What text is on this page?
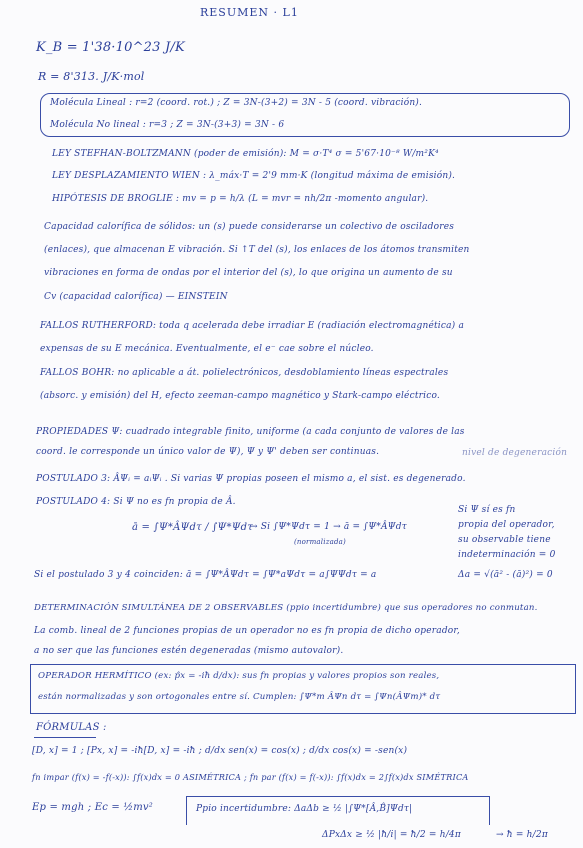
RESUMEN · L1
K_B = 1'38·10^23 J/K
R = 8'313. J/K·mol
Molécula Lineal : r=2 (coord. rot.) ; Z = 3N-(3+2) = 3N - 5 (coord. vibración).
Molécula No lineal : r=3 ; Z = 3N-(3+3) = 3N - 6
LEY STEFHAN-BOLTZMANN (poder de emisión): M = σ·T⁴ σ = 5'67·10⁻⁸ W/m²K⁴
LEY DESPLAZAMIENTO WIEN : λ_máx·T = 2'9 mm·K (longitud máxima de emisión).
HIPÓTESIS DE BROGLIE : mv = p = h/λ (L = mvr = nh/2π -momento angular).
Capacidad calorífica de sólidos: un (s) puede considerarse un colectivo de osciladores
(enlaces), que almacenan E vibración. Si ↑T del (s), los enlaces de los átomos transmiten
vibraciones en forma de ondas por el interior del (s), lo que origina un aumento de su
Cv (capacidad calorífica) — EINSTEIN
FALLOS RUTHERFORD: toda q acelerada debe irradiar E (radiación electromagnética) a
expensas de su E mecánica. Eventualmente, el e⁻ cae sobre el núcleo.
FALLOS BOHR: no aplicable a át. polielectrónicos, desdoblamiento líneas espectrales
(absorc. y emisión) del H, efecto zeeman-campo magnético y Stark-campo eléctrico.
PROPIEDADES Ψ: cuadrado integrable finito, uniforme (a cada conjunto de valores de las
coord. le corresponde un único valor de Ψ), Ψ y Ψ' deben ser continuas.	nivel de degeneración
POSTULADO 3: ÂΨᵢ = aᵢΨᵢ . Si varias Ψ propias poseen el mismo a, el sist. es degenerado.
POSTULADO 4: Si Ψ no es fn propia de Â.
ā = ∫Ψ*ÂΨdτ / ∫Ψ*Ψdτ
→ Si ∫Ψ*Ψdτ = 1 → ā = ∫Ψ*ÂΨdτ
(normalizada)
Si Ψ sí es fn
propia del operador,
su observable tiene
indeterminación = 0
Δa = √(ā² - (ā)²) = 0
Si el postulado 3 y 4 coinciden: ā = ∫Ψ*ÂΨdτ = ∫Ψ*aΨdτ = a∫ΨΨdτ = a
DETERMINACIÓN SIMULTÁNEA DE 2 OBSERVABLES (ppio incertidumbre) que sus operadores no conmutan.
La comb. lineal de 2 funciones propias de un operador no es fn propia de dicho operador,
a no ser que las funciones estén degeneradas (mismo autovalor).
OPERADOR HERMÍTICO (ex: p̂x = -iħ d/dx): sus fn propias y valores propios son reales,
están normalizadas y son ortogonales entre sí. Cumplen: ∫Ψ*m ÂΨn dτ = ∫Ψn(ÂΨm)* dτ
FÓRMULAS :
[D, x] = 1 ; [Px, x] = -iħ[D, x] = -iħ ; d/dx sen(x) = cos(x) ; d/dx cos(x) = -sen(x)
fn impar (f(x) = -f(-x)): ∫f(x)dx = 0 ASIMÉTRICA ; fn par (f(x) = f(-x)): ∫f(x)dx = 2∫f(x)dx SIMÉTRICA
Ep = mgh ; Ec = ½mv²	Ppio incertidumbre: ΔaΔb ≥ ½ |∫Ψ*[Â,B̂]Ψdτ|
ΔPxΔx ≥ ½ |ħ/i| = ħ/2 = h/4π	→ ħ = h/2π
